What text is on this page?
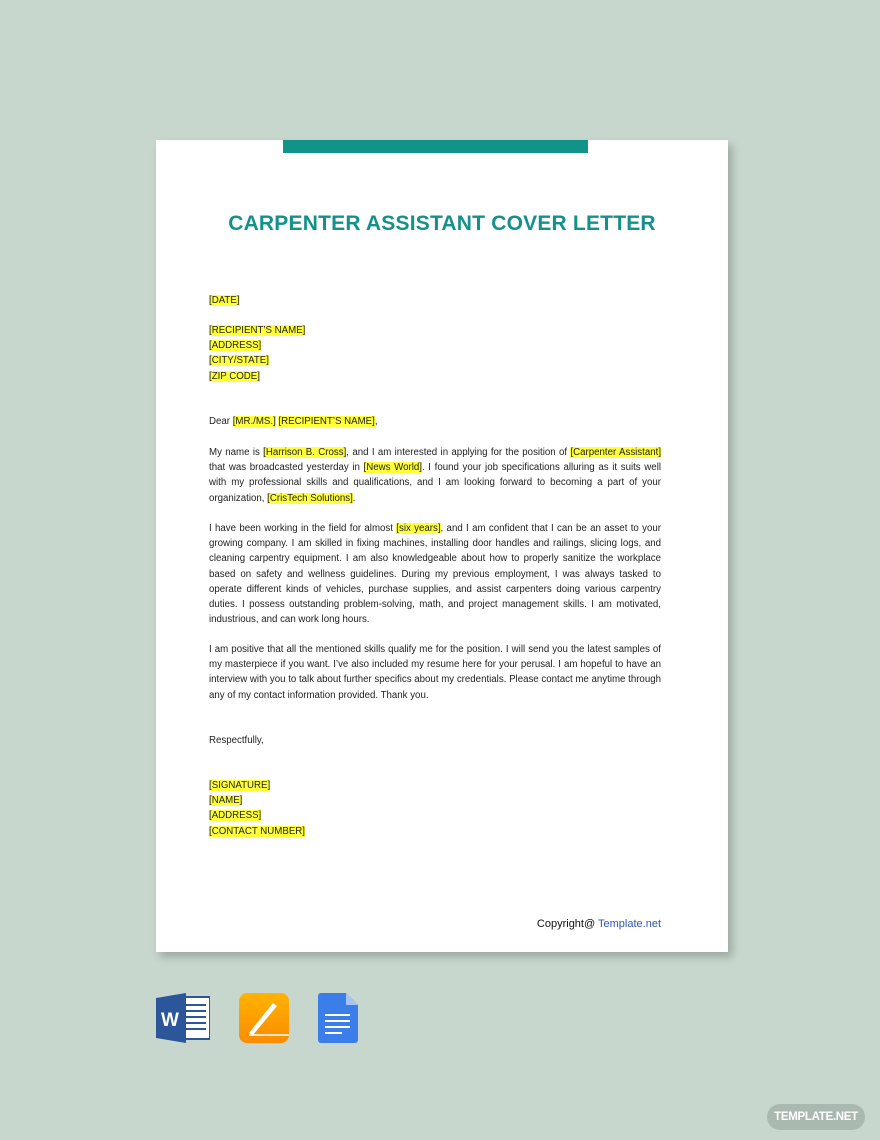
CARPENTER ASSISTANT COVER LETTER
[DATE]
[RECIPIENT’S NAME]
[ADDRESS]
[CITY/STATE]
[ZIP CODE]
Dear [MR./MS.] [RECIPIENT’S NAME],
My name is [Harrison B. Cross], and I am interested in applying for the position of [Carpenter Assistant] that was broadcasted yesterday in [News World]. I found your job specifications alluring as it suits well with my professional skills and qualifications, and I am looking forward to becoming a part of your organization, [CrisTech Solutions].
I have been working in the field for almost [six years], and I am confident that I can be an asset to your growing company. I am skilled in fixing machines, installing door handles and railings, slicing logs, and cleaning carpentry equipment. I am also knowledgeable about how to properly sanitize the workplace based on safety and wellness guidelines. During my previous employment, I was always tasked to operate different kinds of vehicles, purchase supplies, and assist carpenters doing various carpentry duties. I possess outstanding problem-solving, math, and project management skills. I am motivated, industrious, and can work long hours.
I am positive that all the mentioned skills qualify me for the position. I will send you the latest samples of my masterpiece if you want. I’ve also included my resume here for your perusal. I am hopeful to have an interview with you to talk about further specifics about my credentials. Please contact me anytime through any of my contact information provided. Thank you.
Respectfully,
[SIGNATURE]
[NAME]
[ADDRESS]
[CONTACT NUMBER]
Copyright@ Template.net
W
TEMPLATE.NET
